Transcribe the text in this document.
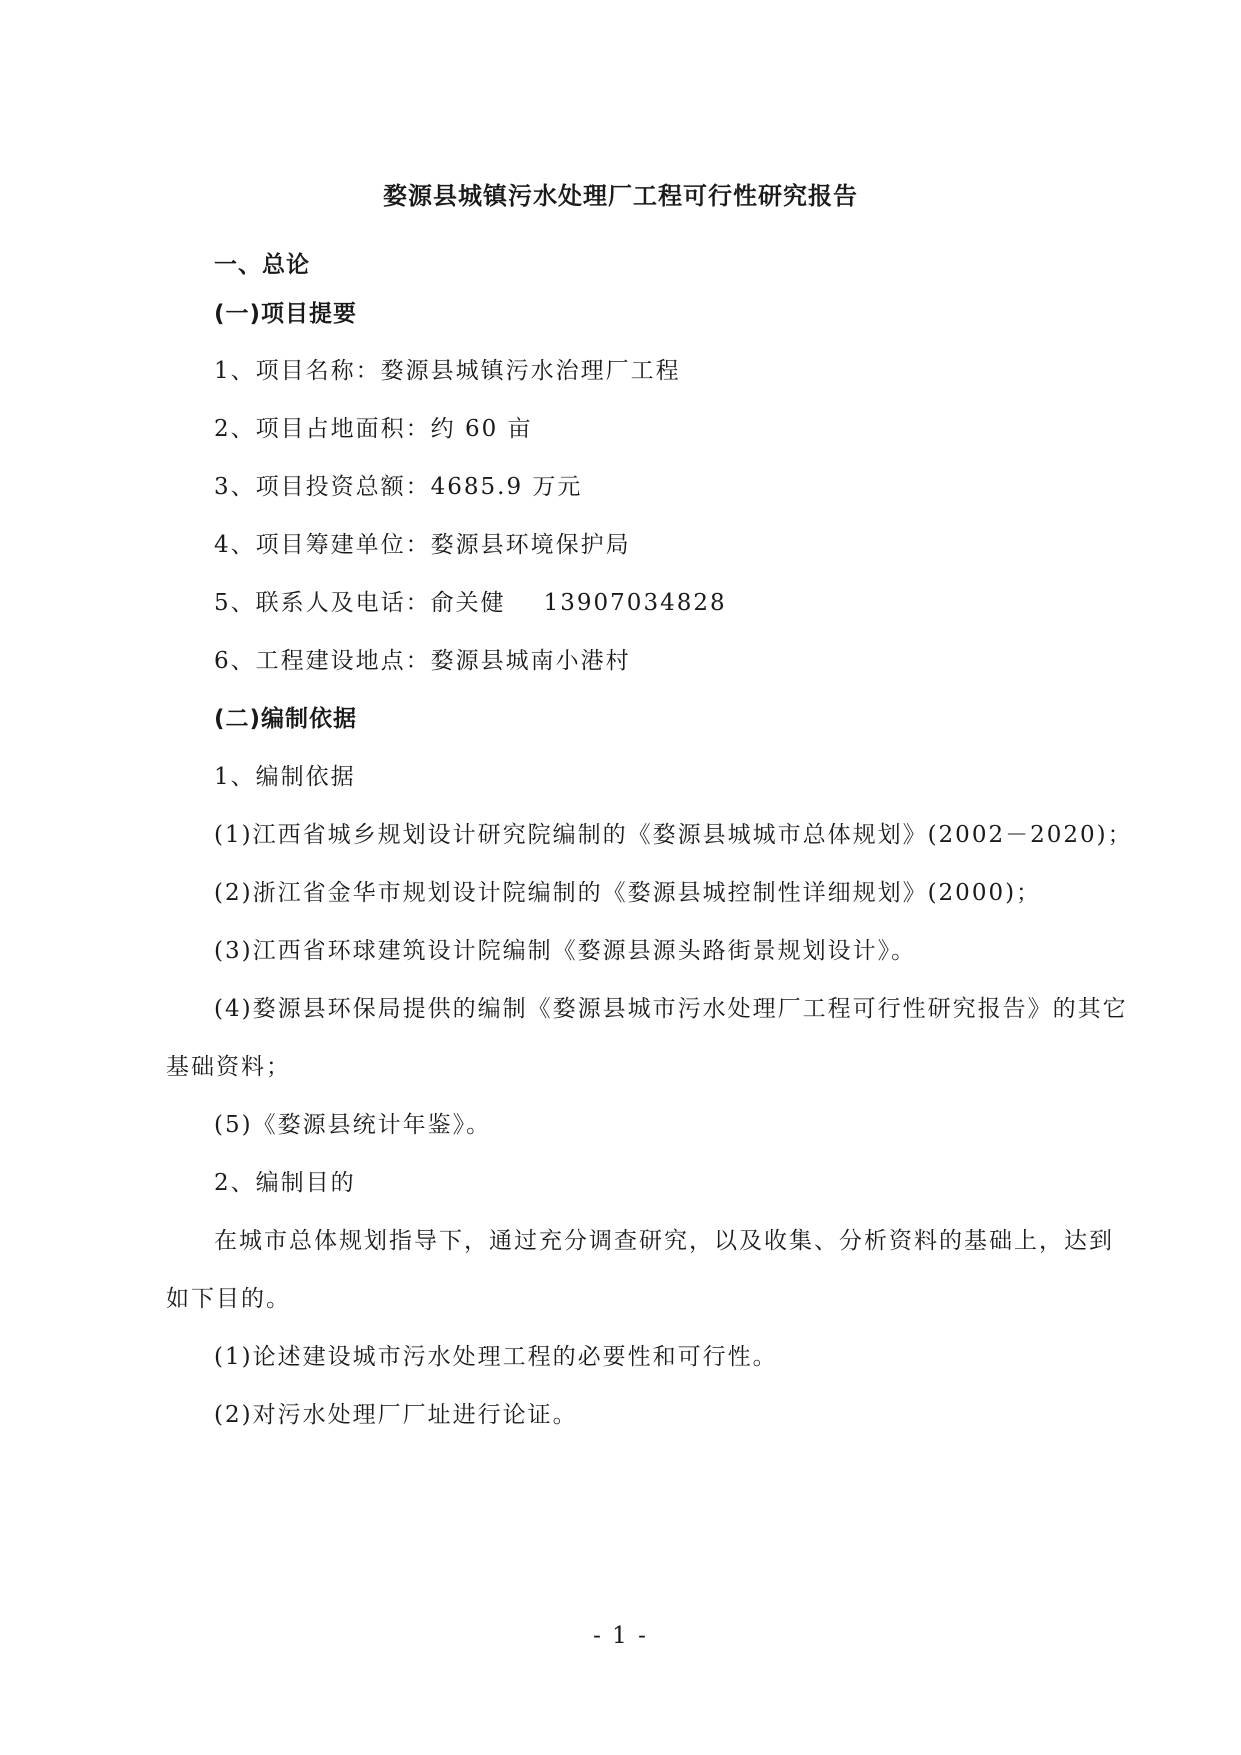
婺源县城镇污水处理厂工程可行性研究报告
一、总论
(一)项目提要
1、项目名称：婺源县城镇污水治理厂工程
2、项目占地面积：约 60 亩
3、项目投资总额：4685.9 万元
4、项目筹建单位：婺源县环境保护局
5、联系人及电话：俞关健 13907034828
6、工程建设地点：婺源县城南小港村
(二)编制依据
1、编制依据
(1)江西省城乡规划设计研究院编制的《婺源县城城市总体规划》(2002－2020)；
(2)浙江省金华市规划设计院编制的《婺源县城控制性详细规划》(2000)；
(3)江西省环球建筑设计院编制《婺源县源头路街景规划设计》。
(4)婺源县环保局提供的编制《婺源县城市污水处理厂工程可行性研究报告》的其它
基础资料；
(5)《婺源县统计年鉴》。
2、编制目的
在城市总体规划指导下，通过充分调查研究，以及收集、分析资料的基础上，达到
如下目的。
(1)论述建设城市污水处理工程的必要性和可行性。
(2)对污水处理厂厂址进行论证。
- 1 -
